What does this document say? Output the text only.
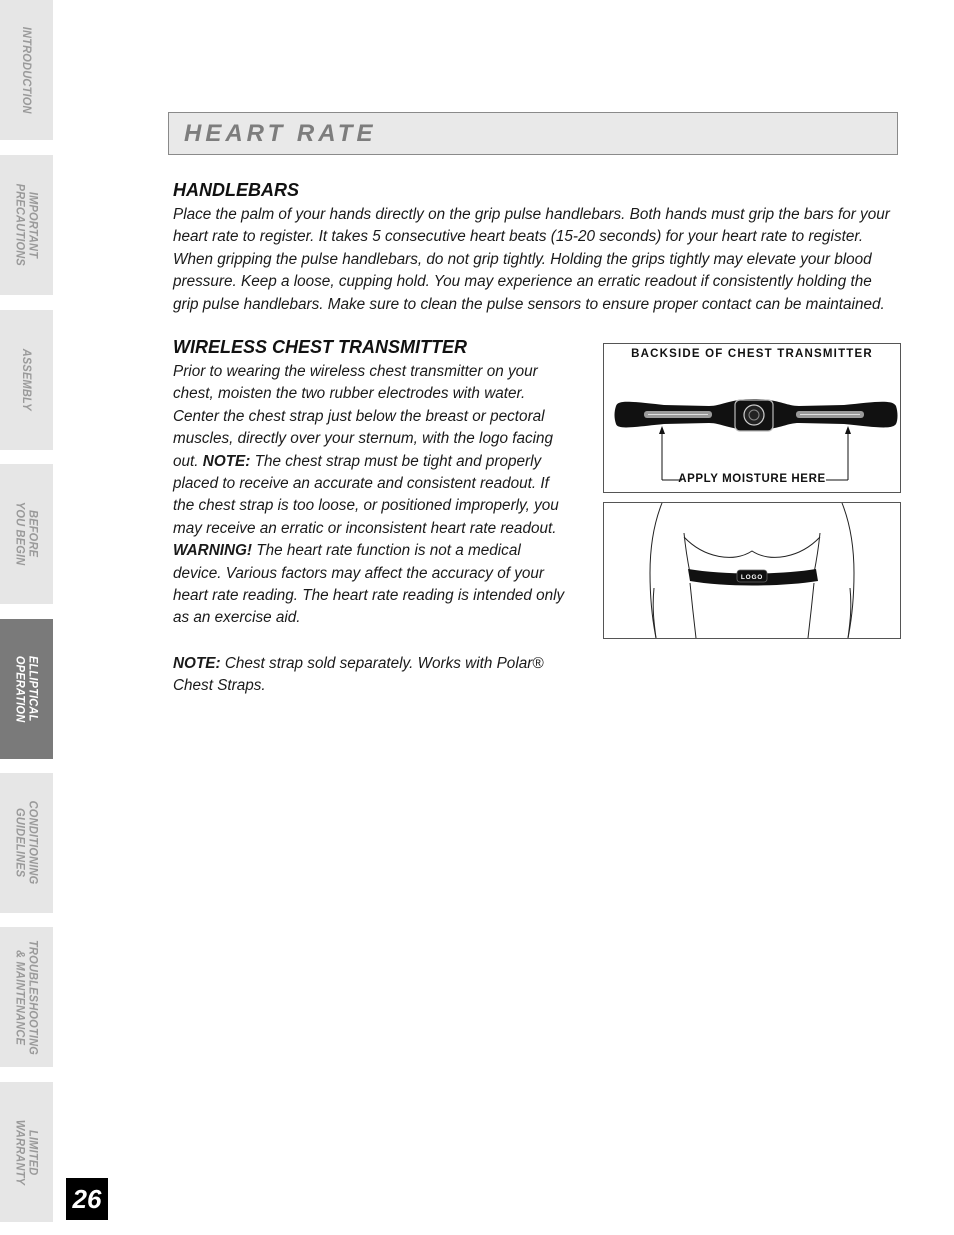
INTRODUCTION
IMPORTANT
PRECAUTIONS
ASSEMBLY
BEFORE
YOU BEGIN
ELLIPTICAL
OPERATION
CONDITIONING
GUIDELINES
TROUBLESHOOTING
& MAINTENANCE
LIMITED
WARRANTY
26
HEART RATE
HANDLEBARS
Place the palm of your hands directly on the grip pulse handlebars. Both hands must grip the bars for your heart rate to register. It takes 5 consecutive heart beats (15-20 seconds) for your heart rate to register. When gripping the pulse handlebars, do not grip tightly. Holding the grips tightly may elevate your blood pressure. Keep a loose, cupping hold. You may experience an erratic readout if consistently holding the grip pulse handlebars. Make sure to clean the pulse sensors to ensure proper contact can be maintained.
WIRELESS CHEST TRANSMITTER
Prior to wearing the wireless chest transmitter on your chest, moisten the two rubber electrodes with water. Center the chest strap just below the breast or pectoral muscles, directly over your sternum, with the logo facing out. NOTE: The chest strap must be tight and properly placed to receive an accurate and consistent readout. If the chest strap is too loose, or positioned improperly, you may receive an erratic or inconsistent heart rate readout. WARNING! The heart rate function is not a medical device. Various factors may affect the accuracy of your heart rate reading. The heart rate reading is intended only as an exercise aid.
NOTE: Chest strap sold separately. Works with Polar® Chest Straps.
BACKSIDE OF CHEST TRANSMITTER
APPLY MOISTURE HERE
LOGO
